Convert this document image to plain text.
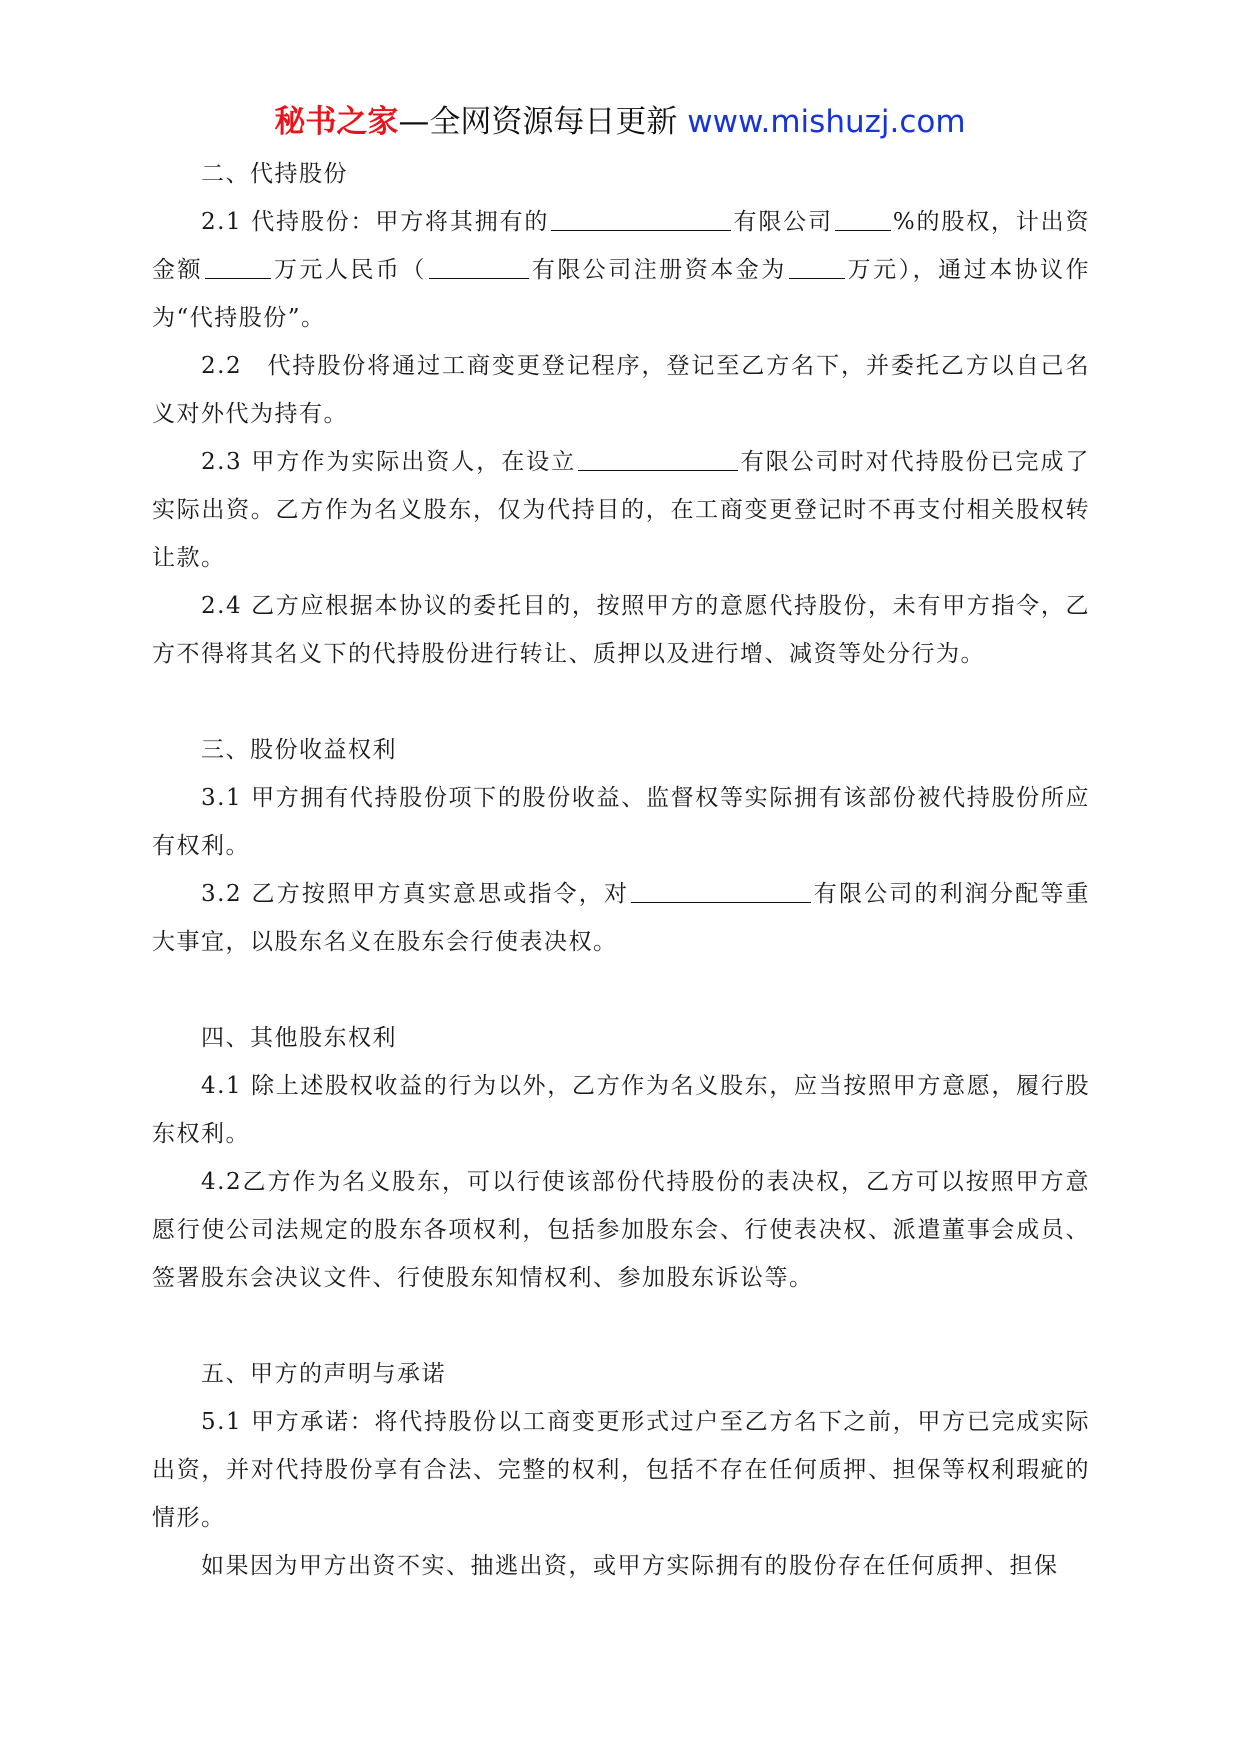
秘书之家—全网资源每日更新 www.mishuzj.com

二、代持股份

2.1 代持股份：甲方将其拥有的	有限公司	%的股权，计出资金额	万元人民币（	有限公司注册资本金为	万元），通过本协议作为“代持股份”。

2.2　代持股份将通过工商变更登记程序，登记至乙方名下，并委托乙方以自己名义对外代为持有。

2.3 甲方作为实际出资人，在设立	有限公司时对代持股份已完成了实际出资。乙方作为名义股东，仅为代持目的，在工商变更登记时不再支付相关股权转让款。

2.4 乙方应根据本协议的委托目的，按照甲方的意愿代持股份，未有甲方指令，乙方不得将其名义下的代持股份进行转让、质押以及进行增、减资等处分行为。

三、股份收益权利

3.1 甲方拥有代持股份项下的股份收益、监督权等实际拥有该部份被代持股份所应有权利。

3.2 乙方按照甲方真实意思或指令，对	有限公司的利润分配等重大事宜，以股东名义在股东会行使表决权。

四、其他股东权利

4.1 除上述股权收益的行为以外，乙方作为名义股东，应当按照甲方意愿，履行股东权利。

4.2乙方作为名义股东，可以行使该部份代持股份的表决权，乙方可以按照甲方意愿行使公司法规定的股东各项权利，包括参加股东会、行使表决权、派遣董事会成员、签署股东会决议文件、行使股东知情权利、参加股东诉讼等。

五、甲方的声明与承诺

5.1 甲方承诺：将代持股份以工商变更形式过户至乙方名下之前，甲方已完成实际出资，并对代持股份享有合法、完整的权利，包括不存在任何质押、担保等权利瑕疵的情形。

如果因为甲方出资不实、抽逃出资，或甲方实际拥有的股份存在任何质押、担保
